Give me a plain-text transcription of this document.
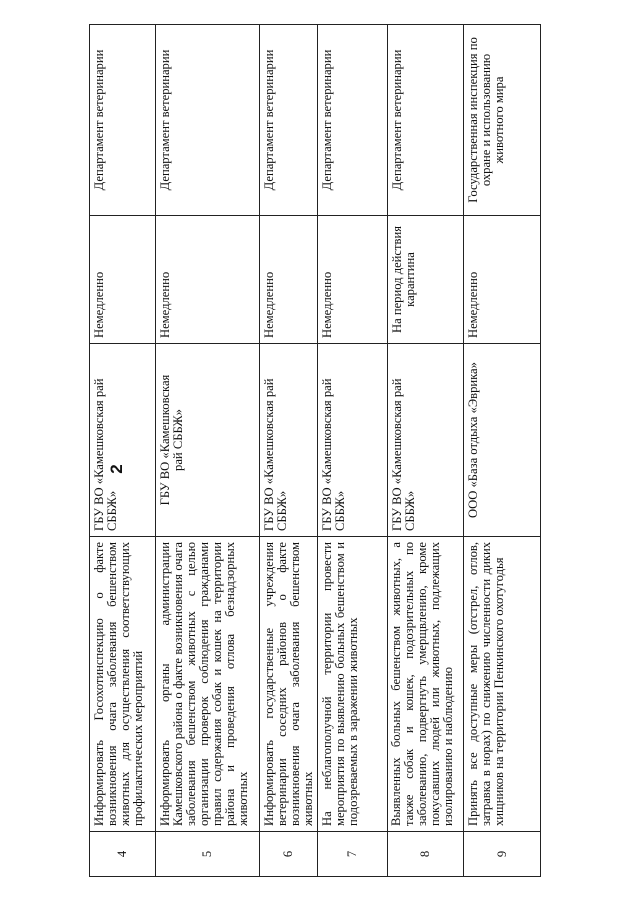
2
4	Информировать Госохотинспекцию о факте возникновения очага заболевания бешенством животных для осуществления соответствующих профилактических мероприятий	ГБУ ВО «Камешковская рай СББЖ»	Немедленно	Департамент ветеринарии
5	Информировать органы администрации Камешковского района о факте возникновения очага заболевания бешенством животных с целью организации проверок соблюдения гражданами правил содержания собак и кошек на территории района и проведения отлова безнадзорных животных	ГБУ ВО «Камешковская рай СББЖ»	Немедленно	Департамент ветеринарии
6	Информировать государственные учреждения ветеринарии соседних районов о факте возникновения очага заболевания бешенством животных	ГБУ ВО «Камешковская рай СББЖ»	Немедленно	Департамент ветеринарии
7	На неблагополучной территории провести мероприятия по выявлению больных бешенством и подозреваемых в заражении животных	ГБУ ВО «Камешковская рай СББЖ»	Немедленно	Департамент ветеринарии
8	Выявленных больных бешенством животных, а также собак и кошек, подозрительных по заболеванию, подвергнуть умерщвлению, кроме покусавших людей или животных, подлежащих изолированию и наблюдению	ГБУ ВО «Камешковская рай СББЖ»	На период действия карантина	Департамент ветеринарии
9	Принять все доступные меры (отстрел, отлов, затравка в норах) по снижению численности диких хищников на территории Пенкинского охотугодья	ООО «База отдыха «Эврика»	Немедленно	Государственная инспекция по охране и использованию животного мира
